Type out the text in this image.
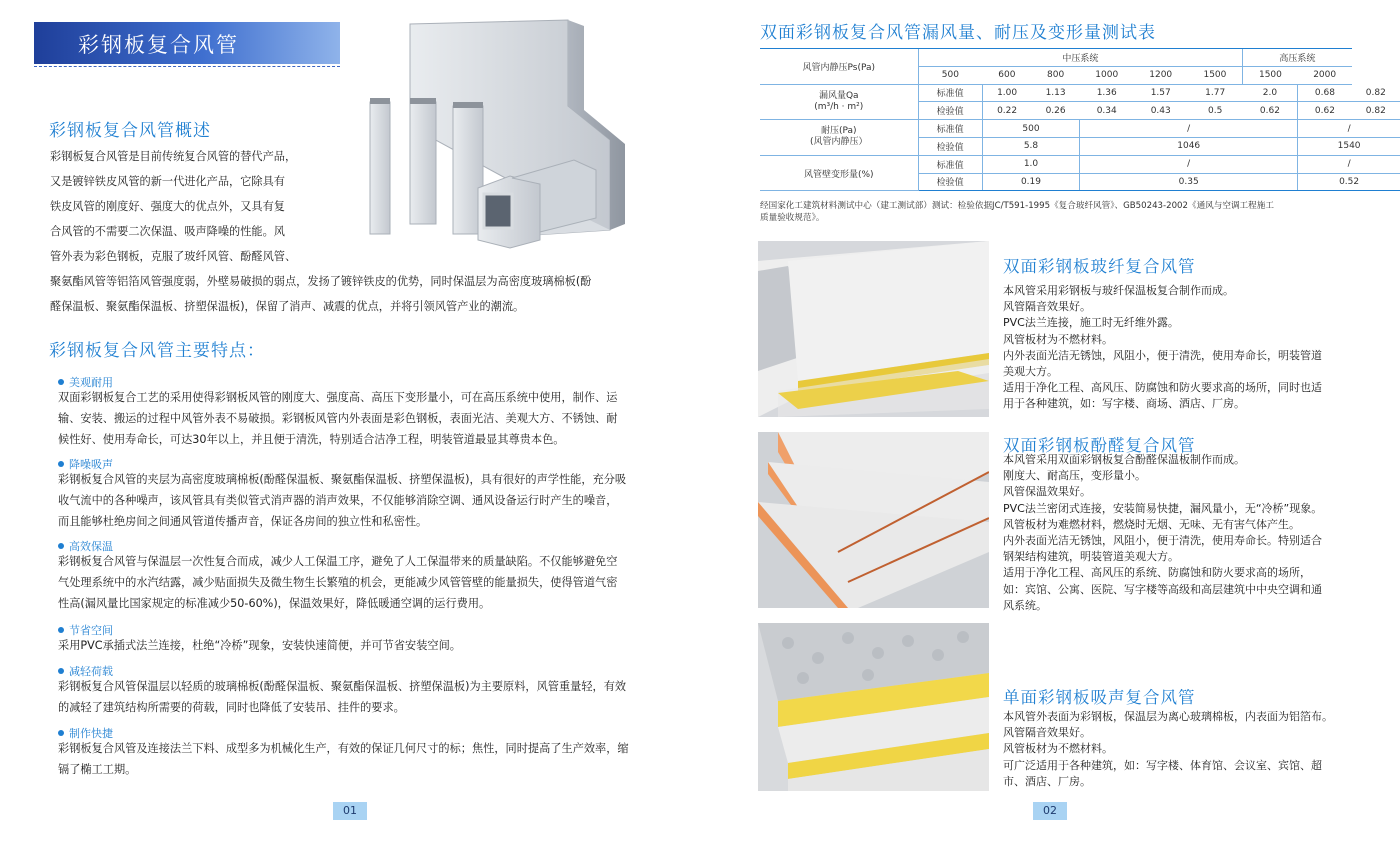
彩钢板复合风管
彩钢板复合风管概述
彩钢板复合风管是目前传统复合风管的替代产品，
又是镀锌铁皮风管的新一代进化产品，它除具有
铁皮风管的刚度好、强度大的优点外，又具有复
合风管的不需要二次保温、吸声降噪的性能。风
管外表为彩色钢板，克服了玻纤风管、酚醛风管、
聚氨酯风管等铝箔风管强度弱，外壁易破损的弱点，发扬了镀锌铁皮的优势，同时保温层为高密度玻璃棉板(酚
醛保温板、聚氨酯保温板、挤塑保温板)，保留了消声、减震的优点，并将引领风管产业的潮流。
彩钢板复合风管主要特点：
美观耐用
双面彩钢板复合工艺的采用使得彩钢板风管的刚度大、强度高、高压下变形量小，可在高压系统中使用，制作、运
输、安装、搬运的过程中风管外表不易破损。彩钢板风管内外表面是彩色钢板，表面光洁、美观大方、不锈蚀、耐
候性好、使用寿命长，可达30年以上，并且便于清洗，特别适合洁净工程，明装管道最显其尊贵本色。
降噪吸声
彩钢板复合风管的夹层为高密度玻璃棉板(酚醛保温板、聚氨酯保温板、挤塑保温板)，具有很好的声学性能，充分吸
收气流中的各种噪声，该风管具有类似管式消声器的消声效果，不仅能够消除空调、通风设备运行时产生的噪音，
而且能够杜绝房间之间通风管道传播声音，保证各房间的独立性和私密性。
高效保温
彩钢板复合风管与保温层一次性复合而成，减少人工保温工序，避免了人工保温带来的质量缺陷。不仅能够避免空
气处理系统中的水汽结露，减少贴面损失及微生物生长繁殖的机会，更能减少风管管壁的能量损失，使得管道气密
性高(漏风量比国家规定的标准减少50-60%)，保温效果好，降低暖通空调的运行费用。
节省空间
采用PVC承插式法兰连接，杜绝“冷桥”现象，安装快速简便，并可节省安装空间。
减轻荷载
彩钢板复合风管保温层以轻质的玻璃棉板(酚醛保温板、聚氨酯保温板、挤塑保温板)为主要原料，风管重量轻，有效
的减轻了建筑结构所需要的荷载，同时也降低了安装吊、挂件的要求。
制作快捷
彩钢板复合风管及连接法兰下料、成型多为机械化生产，有效的保证几何尺寸的标；焦性，同时提高了生产效率，缩
镉了椭工工期。
01
双面彩钢板复合风管漏风量、耐压及变形量测试表
风管内静压Ps(Pa)	中压系统						高压系统		
	500	600	800	1000	1200	1500	1500	2000	

漏风量Qa
(m³/h · m²)	标准值	1.00	1.13	1.36	1.57	1.77	2.0	0.68	0.82
	检验值	0.22	0.26	0.34	0.43	0.5	0.62	0.62	0.82

耐压(Pa)
(风管内静压）	标准值	500		/				/	
	检验值	5.8		1046				1540	
风管壁变形量(%)	标准值	1.0		/				/	
	检验值	0.19		0.35				0.52	
经国家化工建筑材料测试中心（建工测试部）测试：检验依据JC/T591-1995《复合玻纤风管》、GB50243-2002《通风与空调工程施工
质量验收规范》。
双面彩钢板玻纤复合风管
本风管采用彩钢板与玻纤保温板复合制作而成。
风管隔音效果好。
PVC法兰连接，施工时无纤维外露。
风管板材为不燃材料。
内外表面光洁无锈蚀，风阻小，便于清洗，使用寿命长，明装管道
美观大方。
适用于净化工程、高风压、防腐蚀和防火要求高的场所，同时也适
用于各种建筑，如：写字楼、商场、酒店、厂房。
双面彩钢板酚醛复合风管
本风管采用双面彩钢板复合酚醛保温板制作而成。
刚度大、耐高压，变形量小。
风管保温效果好。
PVC法兰密闭式连接，安装简易快捷，漏风量小，无“冷桥”现象。
风管板材为难燃材料，燃烧时无烟、无味、无有害气体产生。
内外表面光洁无锈蚀，风阻小，便于清洗，使用寿命长。特别适合
钢架结构建筑，明装管道美观大方。
适用于净化工程、高风压的系统、防腐蚀和防火要求高的场所，
如：宾馆、公寓、医院、写字楼等高级和高层建筑中中央空调和通
风系统。
单面彩钢板吸声复合风管
本风管外表面为彩钢板，保温层为离心玻璃棉板，内表面为铝箔布。
风管隔音效果好。
风管板材为不燃材料。
可广泛适用于各种建筑，如：写字楼、体育馆、会议室、宾馆、超
市、酒店、厂房。
02
